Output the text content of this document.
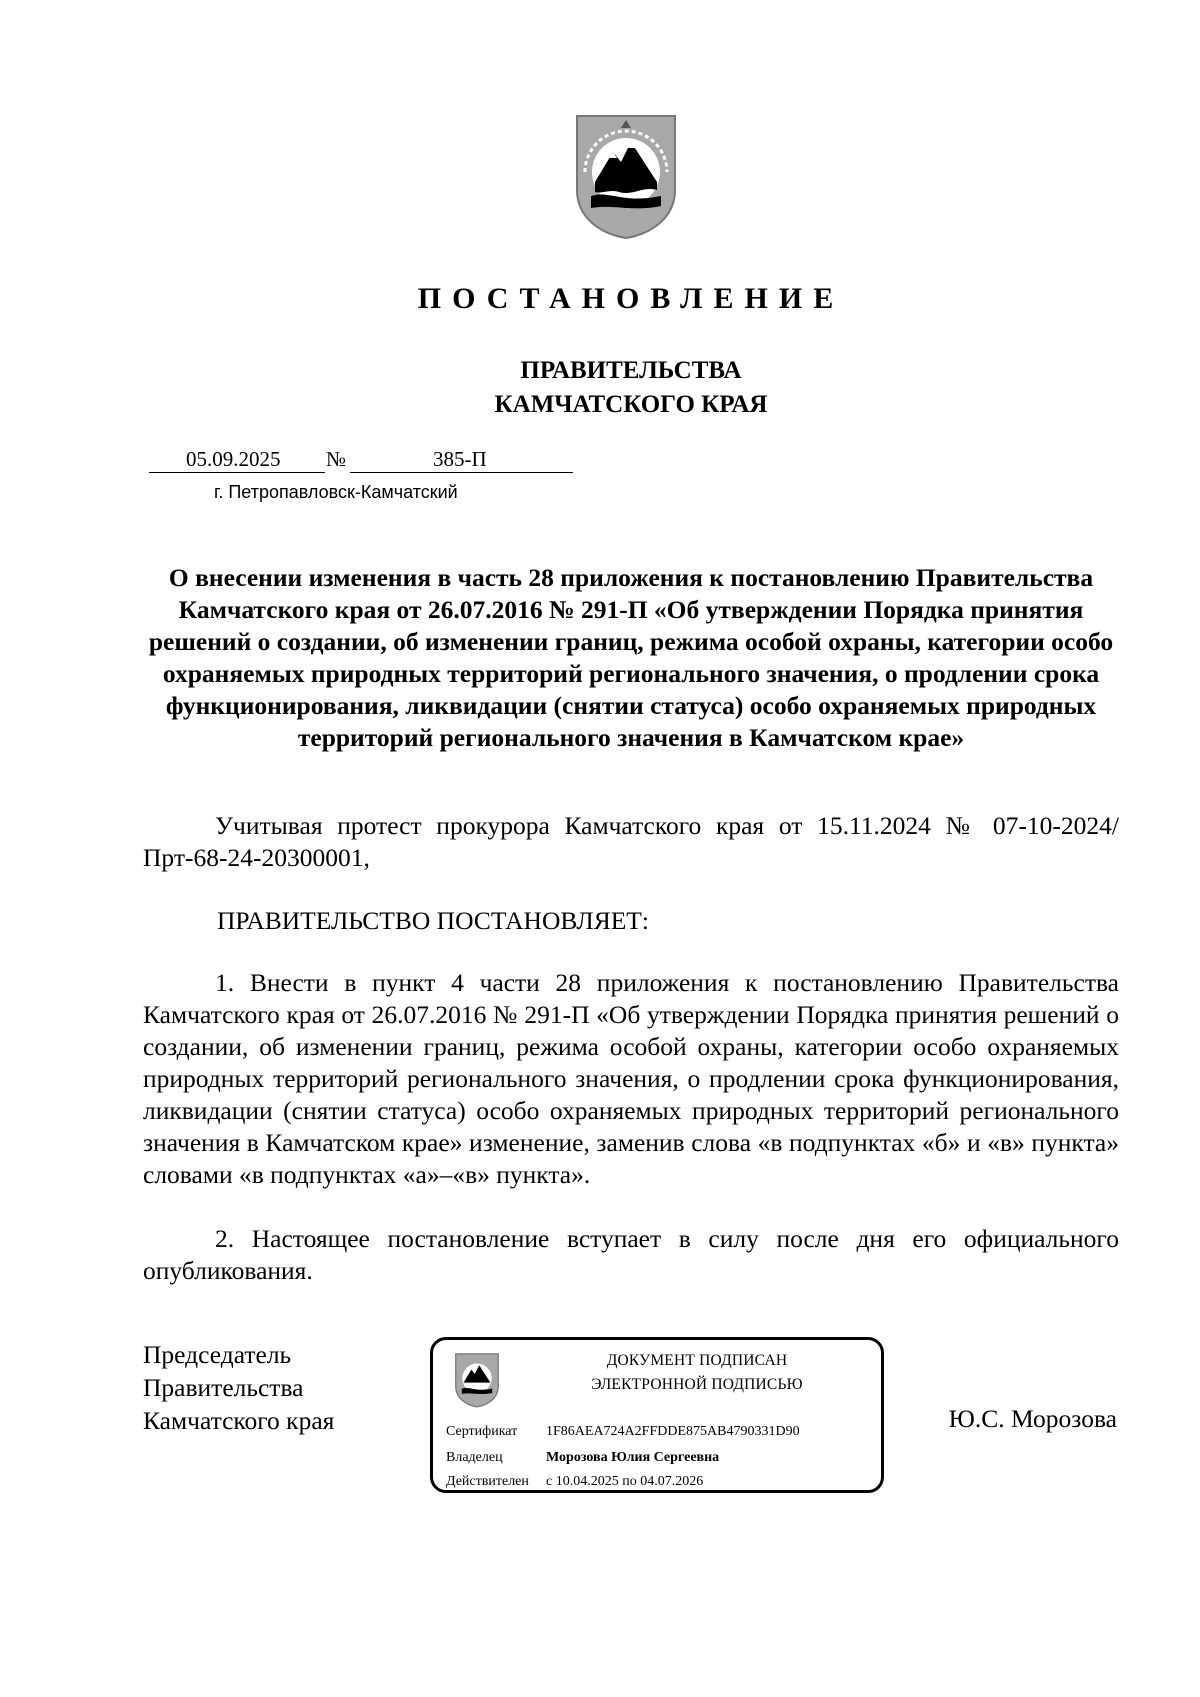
ПОСТАНОВЛЕНИЕ
ПРАВИТЕЛЬСТВА
КАМЧАТСКОГО КРАЯ
05.09.2025 №	385-П
г. Петропавловск-Камчатский
О внесении изменения в часть 28 приложения к постановлению Правительства Камчатского края от 26.07.2016 № 291-П «Об утверждении Порядка принятия решений о создании, об изменении границ, режима особой охраны, категории особо охраняемых природных территорий регионального значения, о продлении срока функционирования, ликвидации (снятии статуса) особо охраняемых природных территорий регионального значения в Камчатском крае»
Учитывая протест прокурора Камчатского края от 15.11.2024 № 07-10-2024/Прт-68-24-20300001,
ПРАВИТЕЛЬСТВО ПОСТАНОВЛЯЕТ:
1. Внести в пункт 4 части 28 приложения к постановлению Правительства Камчатского края от 26.07.2016 № 291-П «Об утверждении Порядка принятия решений о создании, об изменении границ, режима особой охраны, категории особо охраняемых природных территорий регионального значения, о продлении срока функционирования, ликвидации (снятии статуса) особо охраняемых природных территорий регионального значения в Камчатском крае» изменение, заменив слова «в подпунктах «б» и «в» пункта» словами «в подпунктах «а»–«в» пункта».
2. Настоящее постановление вступает в силу после дня его официального опубликования.
Председатель
Правительства
Камчатского края
ДОКУМЕНТ ПОДПИСАН
ЭЛЕКТРОННОЙ ПОДПИСЬЮ
Сертификат 1F86AEA724A2FFDDE875AB4790331D90
Владелец	Морозова Юлия Сергеевна
Действителен с 10.04.2025 по 04.07.2026
Ю.С. Морозова
